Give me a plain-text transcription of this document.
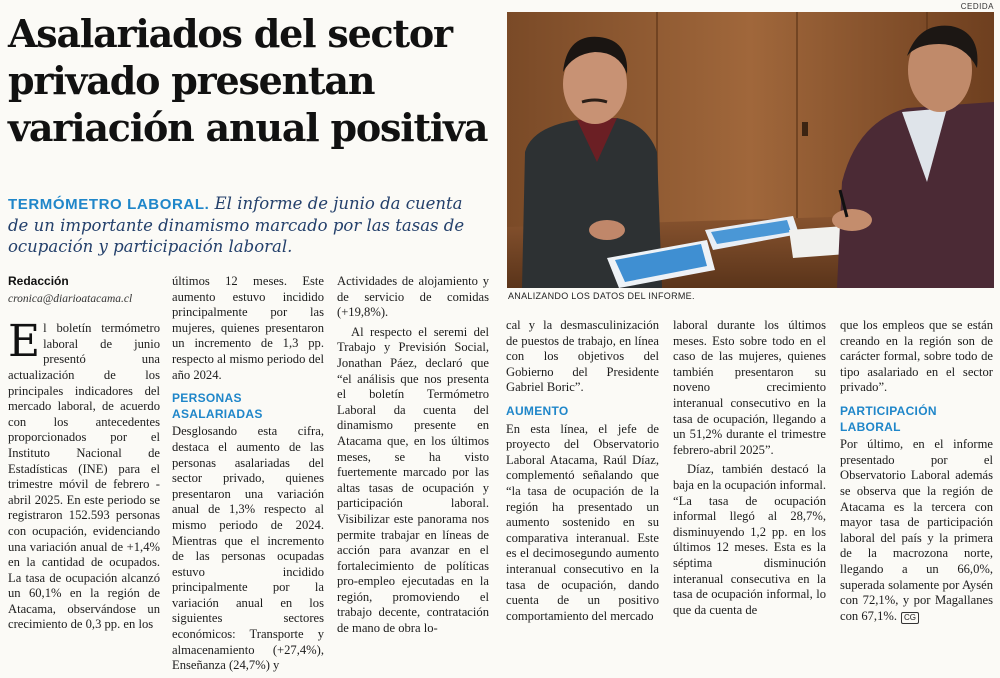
Asalariados del sector
privado presentan
variación anual positiva
CEDIDA
ANALIZANDO LOS DATOS DEL INFORME.

TERMÓMETRO LABORAL. El informe de junio da cuenta de un importante dinamismo marcado por las tasas de ocupación y participación laboral.

Redacción

cronica@diarioatacama.cl

El boletín termómetro laboral de junio presentó una actualización de los principales indicadores del mercado laboral, de acuerdo con los antecedentes proporcionados por el Instituto Nacional de Estadísticas (INE) para el trimestre móvil de febrero - abril 2025. En este periodo se registraron 152.593 personas con ocupación, evidenciando una variación anual de +1,4% en la cantidad de ocupados. La tasa de ocupación alcanzó un 60,1% en la región de Atacama, observándose un crecimiento de 0,3 pp. en los

últimos 12 meses. Este aumento estuvo incidido principalmente por las mujeres, quienes presentaron un incremento de 1,3 pp. respecto al mismo periodo del año 2024.

PERSONAS ASALARIADAS

Desglosando esta cifra, destaca el aumento de las personas asalariadas del sector privado, quienes presentaron una variación anual de 1,3% respecto al mismo periodo de 2024. Mientras que el incremento de las personas ocupadas estuvo incidido principalmente por la variación anual en los siguientes sectores económicos: Transporte y almacenamiento (+27,4%), Enseñanza (24,7%) y

Actividades de alojamiento y de servicio de comidas (+19,8%).

Al respecto el seremi del Trabajo y Previsión Social, Jonathan Páez, declaró que “el análisis que nos presenta el boletín Termómetro Laboral da cuenta del dinamismo presente en Atacama que, en los últimos meses, se ha visto fuertemente marcado por las altas tasas de ocupación y participación laboral. Visibilizar este panorama nos permite trabajar en líneas de acción para avanzar en el fortalecimiento de políticas pro-empleo ejecutadas en la región, promoviendo el trabajo decente, contratación de mano de obra lo-

cal y la desmasculinización de puestos de trabajo, en línea con los objetivos del Gobierno del Presidente Gabriel Boric”.

AUMENTO

En esta línea, el jefe de proyecto del Observatorio Laboral Atacama, Raúl Díaz, complementó señalando que “la tasa de ocupación de la región ha presentado un aumento sostenido en su comparativa interanual. Este es el decimosegundo aumento interanual consecutivo en la tasa de ocupación, dando cuenta de un positivo comportamiento del mercado

laboral durante los últimos meses. Esto sobre todo en el caso de las mujeres, quienes también presentaron su noveno crecimiento interanual consecutivo en la tasa de ocupación, llegando a un 51,2% durante el trimestre febrero-abril 2025”.

Díaz, también destacó la baja en la ocupación informal. “La tasa de ocupación informal llegó al 28,7%, disminuyendo 1,2 pp. en los últimos 12 meses. Esta es la séptima disminución interanual consecutiva en la tasa de ocupación informal, lo que da cuenta de

que los empleos que se están creando en la región son de carácter formal, sobre todo de tipo asalariado en el sector privado”.

PARTICIPACIÓN LABORAL

Por último, en el informe presentado por el Observatorio Laboral además se observa que la región de Atacama es la tercera con mayor tasa de participación laboral del país y la primera de la macrozona norte, llegando a un 66,0%, superada solamente por Aysén con 72,1%, y por Magallanes con 67,1%. CG
